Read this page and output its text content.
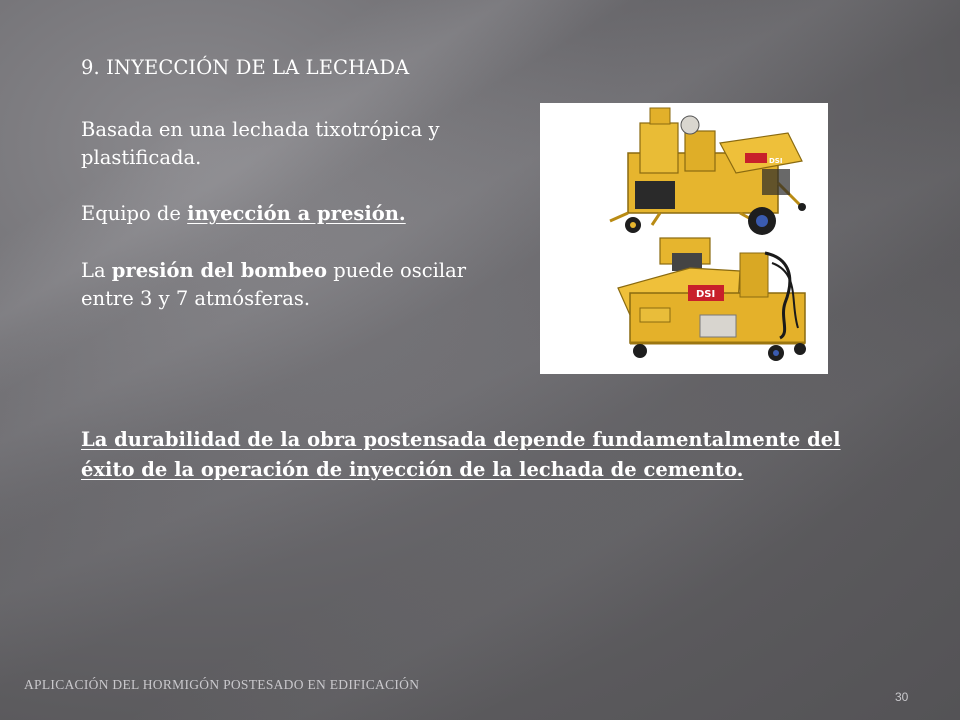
9. INYECCIÓN DE LA LECHADA
Basada en una lechada tixotrópica y plastificada.
Equipo de inyección a presión.
La presión del bombeo puede oscilar entre 3 y 7 atmósferas.
DSI
DSI
La durabilidad de la obra postensada depende fundamentalmente del éxito de la operación de inyección de la lechada de cemento.
APLICACIÓN DEL HORMIGÓN POSTESADO EN EDIFICACIÓN
30
